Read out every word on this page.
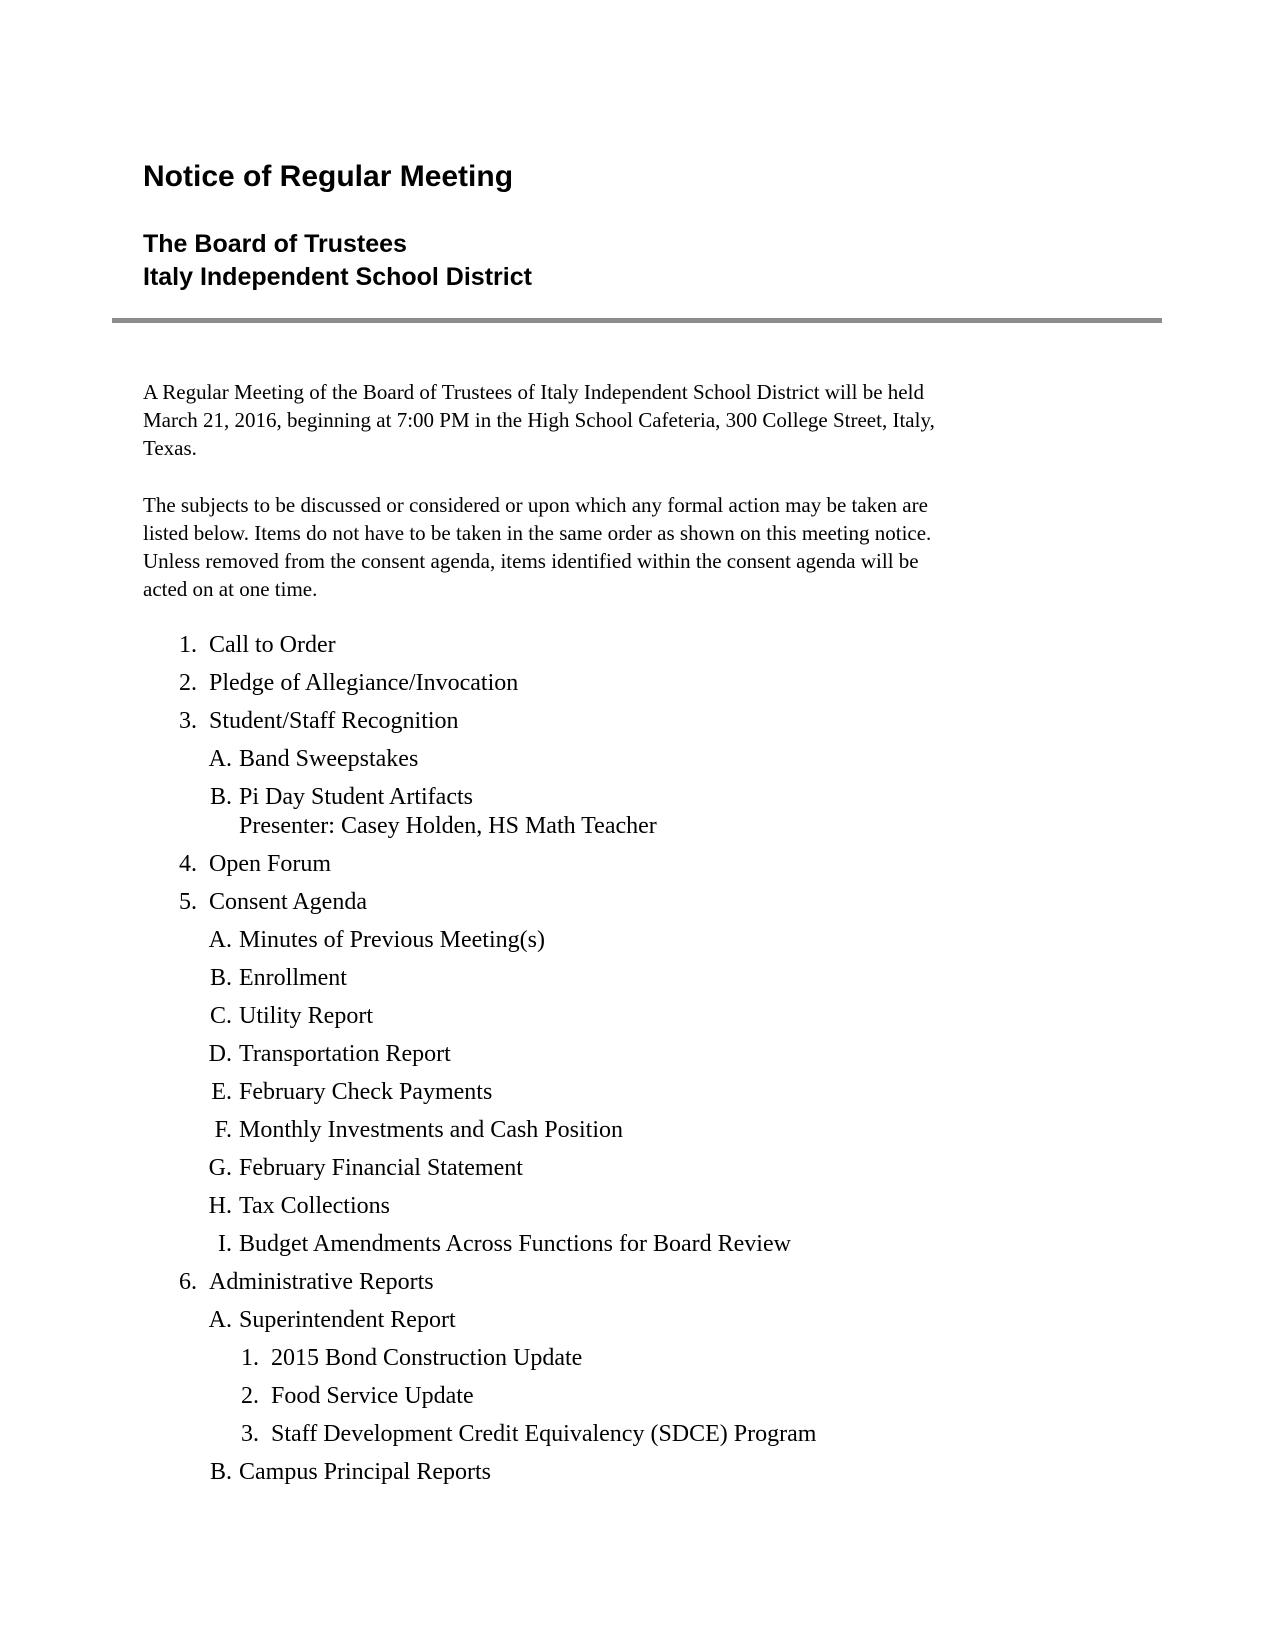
Notice of Regular Meeting
The Board of Trustees
Italy Independent School District
A Regular Meeting of the Board of Trustees of Italy Independent School District will be held
March 21, 2016, beginning at 7:00 PM in the High School Cafeteria, 300 College Street, Italy,
Texas.
The subjects to be discussed or considered or upon which any formal action may be taken are
listed below. Items do not have to be taken in the same order as shown on this meeting notice.
Unless removed from the consent agenda, items identified within the consent agenda will be
acted on at one time.
1. Call to Order
2. Pledge of Allegiance/Invocation
3. Student/Staff Recognition
A. Band Sweepstakes
B. Pi Day Student Artifacts
Presenter: Casey Holden, HS Math Teacher
4. Open Forum
5. Consent Agenda
A. Minutes of Previous Meeting(s)
B. Enrollment
C. Utility Report
D. Transportation Report
E. February Check Payments
F. Monthly Investments and Cash Position
G. February Financial Statement
H. Tax Collections
I. Budget Amendments Across Functions for Board Review
6. Administrative Reports
A. Superintendent Report
1. 2015 Bond Construction Update
2. Food Service Update
3. Staff Development Credit Equivalency (SDCE) Program
B. Campus Principal Reports
